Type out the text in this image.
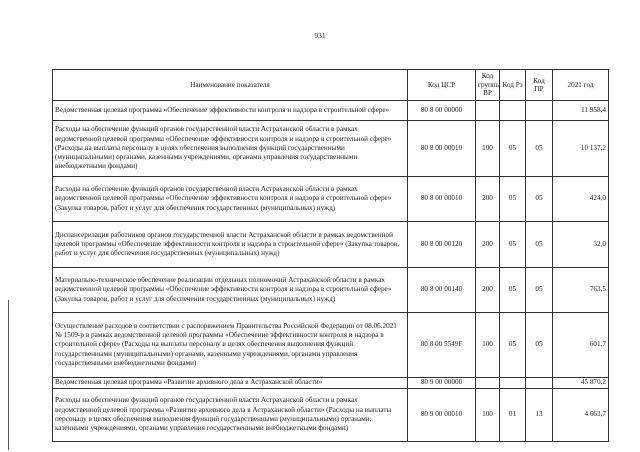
931
Наименование показателя	Код ЦСР	Код группы ВР	Код Рз	Код ПР	2021 год
Ведомственная целевая программа «Обеспечение эффективности контроля и надзора в строительной сфере»	80 8 00 00000				11 958,4
Расходы на обеспечение функций органов государственной власти Астраханской области в рамках ведомственной целевой программы «Обеспечение эффективности контроля и надзора в строительной сфере» (Расходы на выплаты персоналу в целях обеспечения выполнения функций государственными (муниципальными) органами, казенными учреждениями, органами управления государственными внебюджетными фондами)	80 8 00 00010	100	05	05	10 137,2
Расходы на обеспечение функций органов государственной власти Астраханской области в рамках ведомственной целевой программы «Обеспечение эффективности контроля и надзора в строительной сфере» (Закупка товаров, работ и услуг для обеспечения государственных (муниципальных) нужд)	80 8 00 00010	200	05	05	424,0
Диспансеризация работников органов государственной власти Астраханской области в рамках ведомственной целевой программы «Обеспечение эффективности контроля и надзора в строительной сфере» (Закупка товаров, работ и услуг для обеспечения государственных (муниципальных) нужд)	80 8 00 00120	200	05	05	32,0
Материально-техническое обеспечение реализации отдельных полномочий Астраханской области в рамках ведомственной целевой программы «Обеспечение эффективности контроля и надзора в строительной сфере» (Закупка товаров, работ и услуг для обеспечения государственных (муниципальных) нужд)	80 8 00 00140	200	05	05	763,5
Осуществление расходов в соответствии с распоряжением Правительства Российской Федерации от 08.06.2021 № 1509-р в рамках ведомственной целевой программы «Обеспечение эффективности контроля и надзора в строительной сфере» (Расходы на выплаты персоналу в целях обеспечения выполнения функций государственными (муниципальными) органами, казенными учреждениями, органами управления государственными внебюджетными фондами)	80 8 00 5549F	100	05	05	601,7
Ведомственная целевая программа «Развитие архивного дела в Астраханской области»	80 9 00 00000				45 870,2
Расходы на обеспечение функций органов государственной власти Астраханской области в рамках ведомственной целевой программы «Развитие архивного дела в Астраханской области» (Расходы на выплаты персоналу в целях обеспечения выполнения функций государственными (муниципальными) органами, казенными учреждениями, органами управления государственными внебюджетными фондами)	80 9 00 00010	100	01	13	4 663,7
